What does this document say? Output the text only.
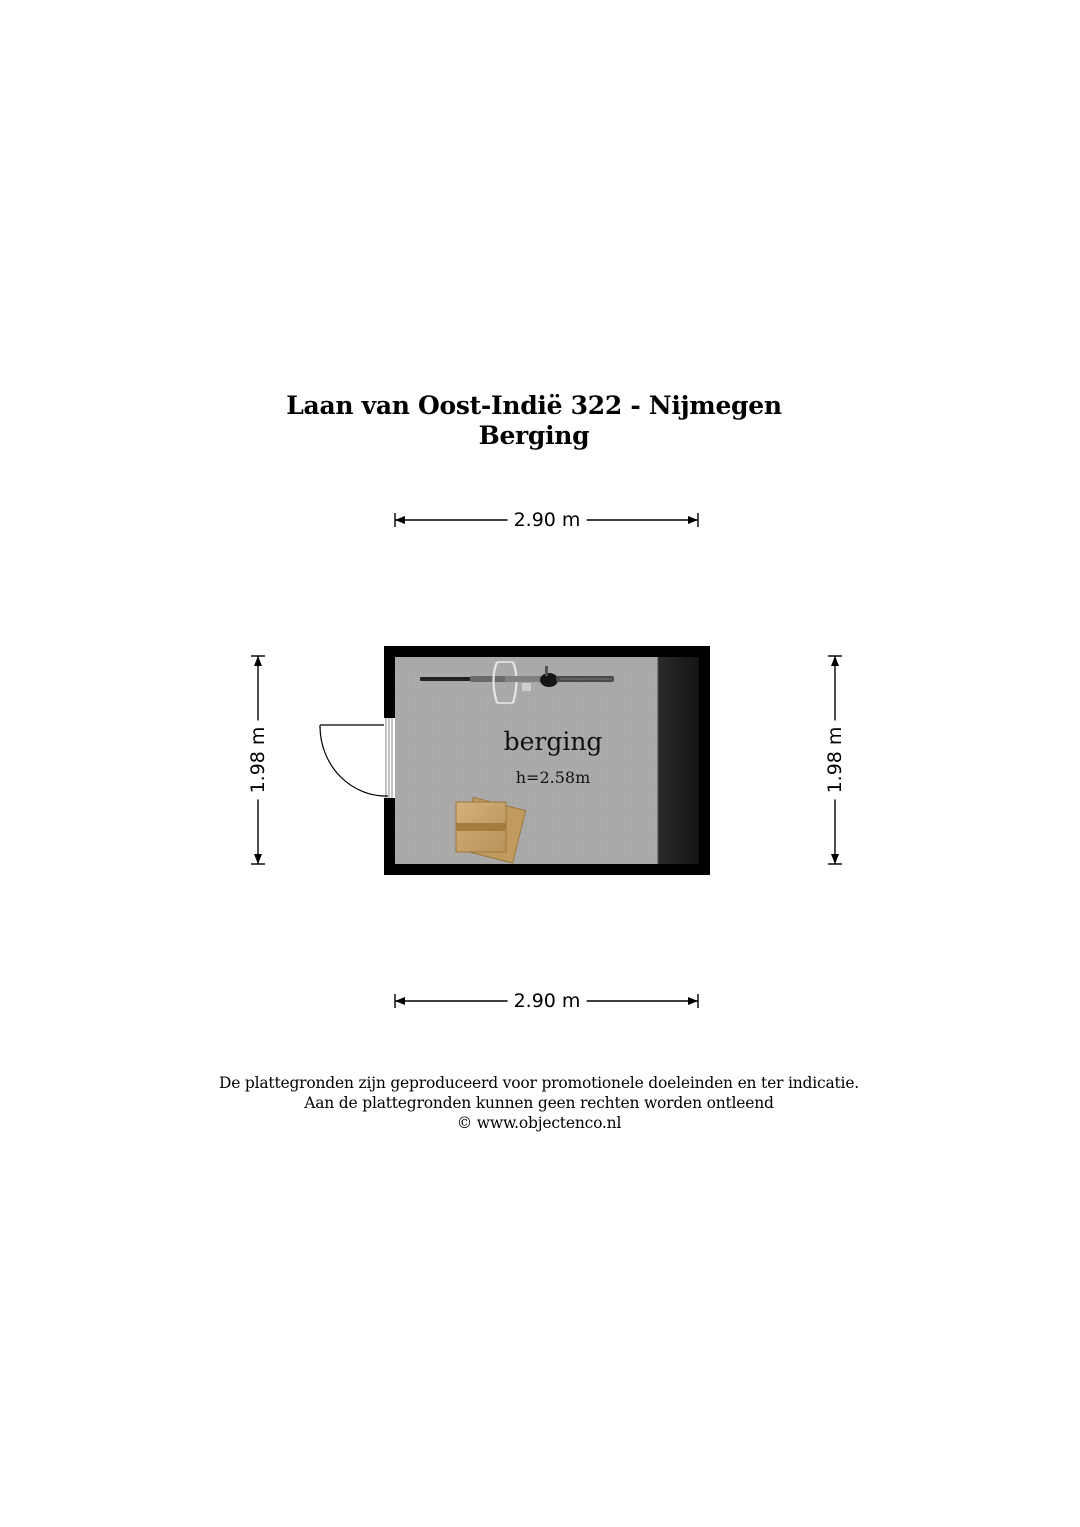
Laan van Oost-Indië 322 - Nijmegen
Berging
2.90 m
2.90 m
1.98 m	1.98 m
berging
h=2.58m
De plattegronden zijn geproduceerd voor promotionele doeleinden en ter indicatie.
Aan de plattegronden kunnen geen rechten worden ontleend
© www.objectenco.nl
